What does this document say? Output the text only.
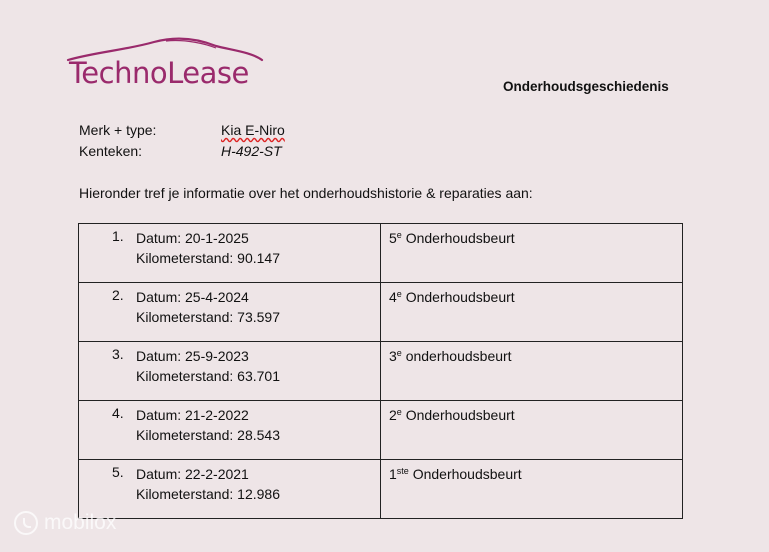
TechnoLease	Onderhoudsgeschiedenis
Merk + type:	Kia E-Niro
Kenteken:	H-492-ST
Hieronder tref je informatie over het onderhoudshistorie & reparaties aan:
1. Datum: 20-1-2025
Kilometerstand: 90.147	5e Onderhoudsbeurt

2. Datum: 25-4-2024
Kilometerstand: 73.597	4e Onderhoudsbeurt

3. Datum: 25-9-2023
Kilometerstand: 63.701	3e onderhoudsbeurt

4. Datum: 21-2-2022
Kilometerstand: 28.543	2e Onderhoudsbeurt

5. Datum: 22-2-2021
Kilometerstand: 12.986	1ste Onderhoudsbeurt
mobilox
